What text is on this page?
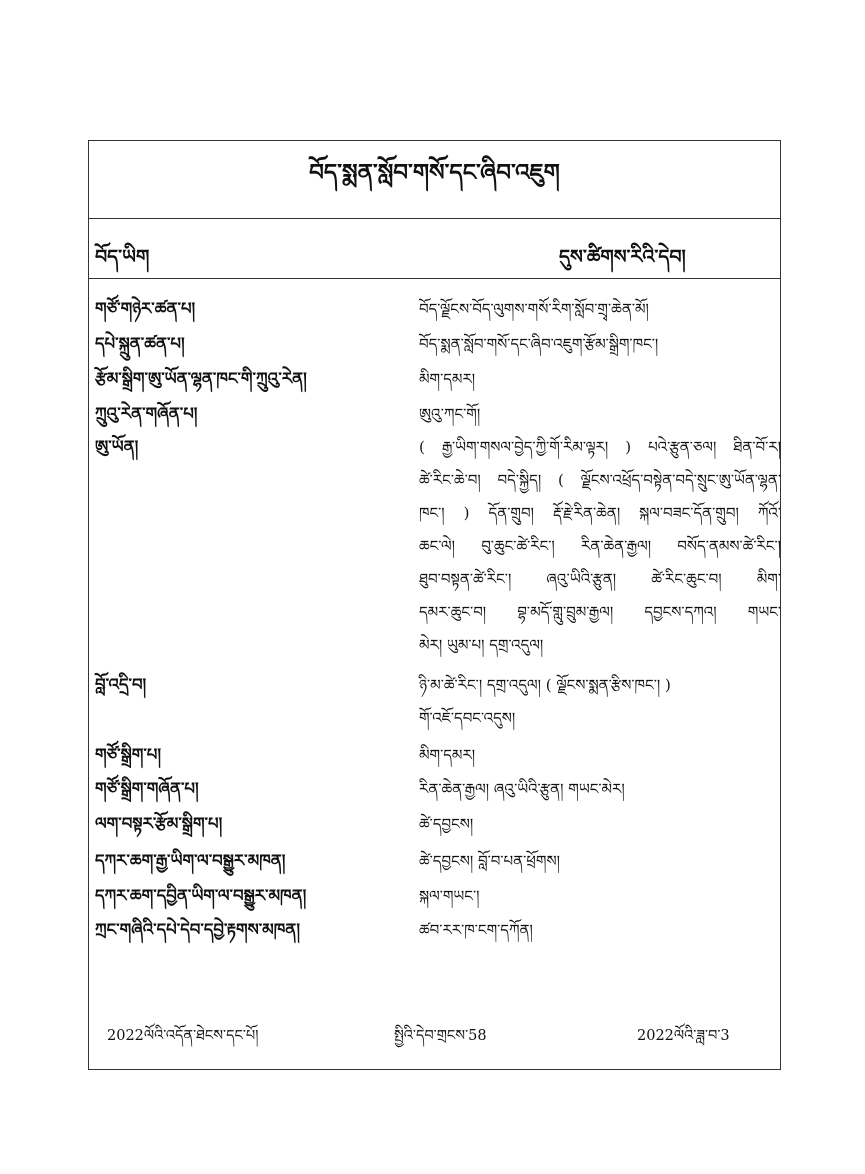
བོད་སྨན་སློབ་གསོ་དང་ཞིབ་འཇུག
བོད་ཡིག	དུས་ཚིགས་རིའི་དེབ།
གཙོ་གཉེར་ཚན་པ།	བོད་ལྗོངས་བོད་ལུགས་གསོ་རིག་སློབ་གྲྭ་ཆེན་མོ།
དཔེ་སྐྲུན་ཚན་པ།	བོད་སྨན་སློབ་གསོ་དང་ཞིབ་འཇུག་རྩོམ་སྒྲིག་ཁང་།
རྩོམ་སྒྲིག་ཨུ་ཡོན་ལྷན་ཁང་གི་ཀྲུའུ་རེན།	མིག་དམར།
ཀྲུའུ་རེན་གཞོན་པ།	ཨུའུ་ཀང་གོ།
ཨུ་ཡོན།	( རྒྱ་ཡིག་གསལ་བྱེད་ཀྱི་གོ་རིམ་ལྟར། ) པའེ་རྩུན་ཅལ། ཐིན་བོ་ར།
ཚེ་རིང་ཆེ་བ། བདེ་སྐྱིད། ( ལྗོངས་འཕྲོད་བསྟེན་བདེ་སྲུང་ཨུ་ཡོན་ལྷན་
ཁང་། ) དོན་གྲུབ། རྡོ་རྗེ་རིན་ཆེན། སྐལ་བཟང་དོན་གྲུབ། ཀོའོ་
ཆང་ལེ། བུ་ཆུང་ཚེ་རིང་། རིན་ཆེན་རྒྱལ། བསོད་ནམས་ཚེ་རིང་།
ཐུབ་བསྟན་ཚེ་རིང་། ཞའུ་ཡིའི་རྩུན། ཚེ་རིང་ཆུང་བ། མིག་
དམར་ཆུང་བ། བྷ་མདོ་གླུ་བྲུམ་རྒྱལ། དབྱངས་དཀའ། གཡང་
མེར། ཡུམ་པ། དགྲ་འདུལ།
བློ་འདྲི་བ།	ཉི་མ་ཚེ་རིང་། དགྲ་འདུལ། ( ལྗོངས་སྨན་རྩིས་ཁང་། )
གོ་འཇོ་དབང་འདུས།
གཙོ་སྒྲིག་པ།	མིག་དམར།
གཙོ་སྒྲིག་གཞོན་པ།	རིན་ཆེན་རྒྱལ། ཞའུ་ཡིའི་རྩུན། གཡང་མེར།
ལག་བསྟར་རྩོམ་སྒྲིག་པ།	ཚེ་དབྱངས།
དཀར་ཆག་རྒྱ་ཡིག་ལ་བསྒྱུར་མཁན།	ཚེ་དབྱངས། བློ་བ་པན་ཕྲོགས།
དཀར་ཆག་དབྱིན་ཡིག་ལ་བསྒྱུར་མཁན།	སྐལ་གཡང་།
ཀྲང་གཞིའི་དཔེ་དེབ་དབྱེ་རྟགས་མཁན།	ཚབ་རར་ཁ་ངག་དཀོན།
2022ལོའི་འདོན་ཐེངས་དང་པོ།	སྤྱིའི་དེབ་གྲངས་58	2022ལོའི་ཟླ་བ་3
